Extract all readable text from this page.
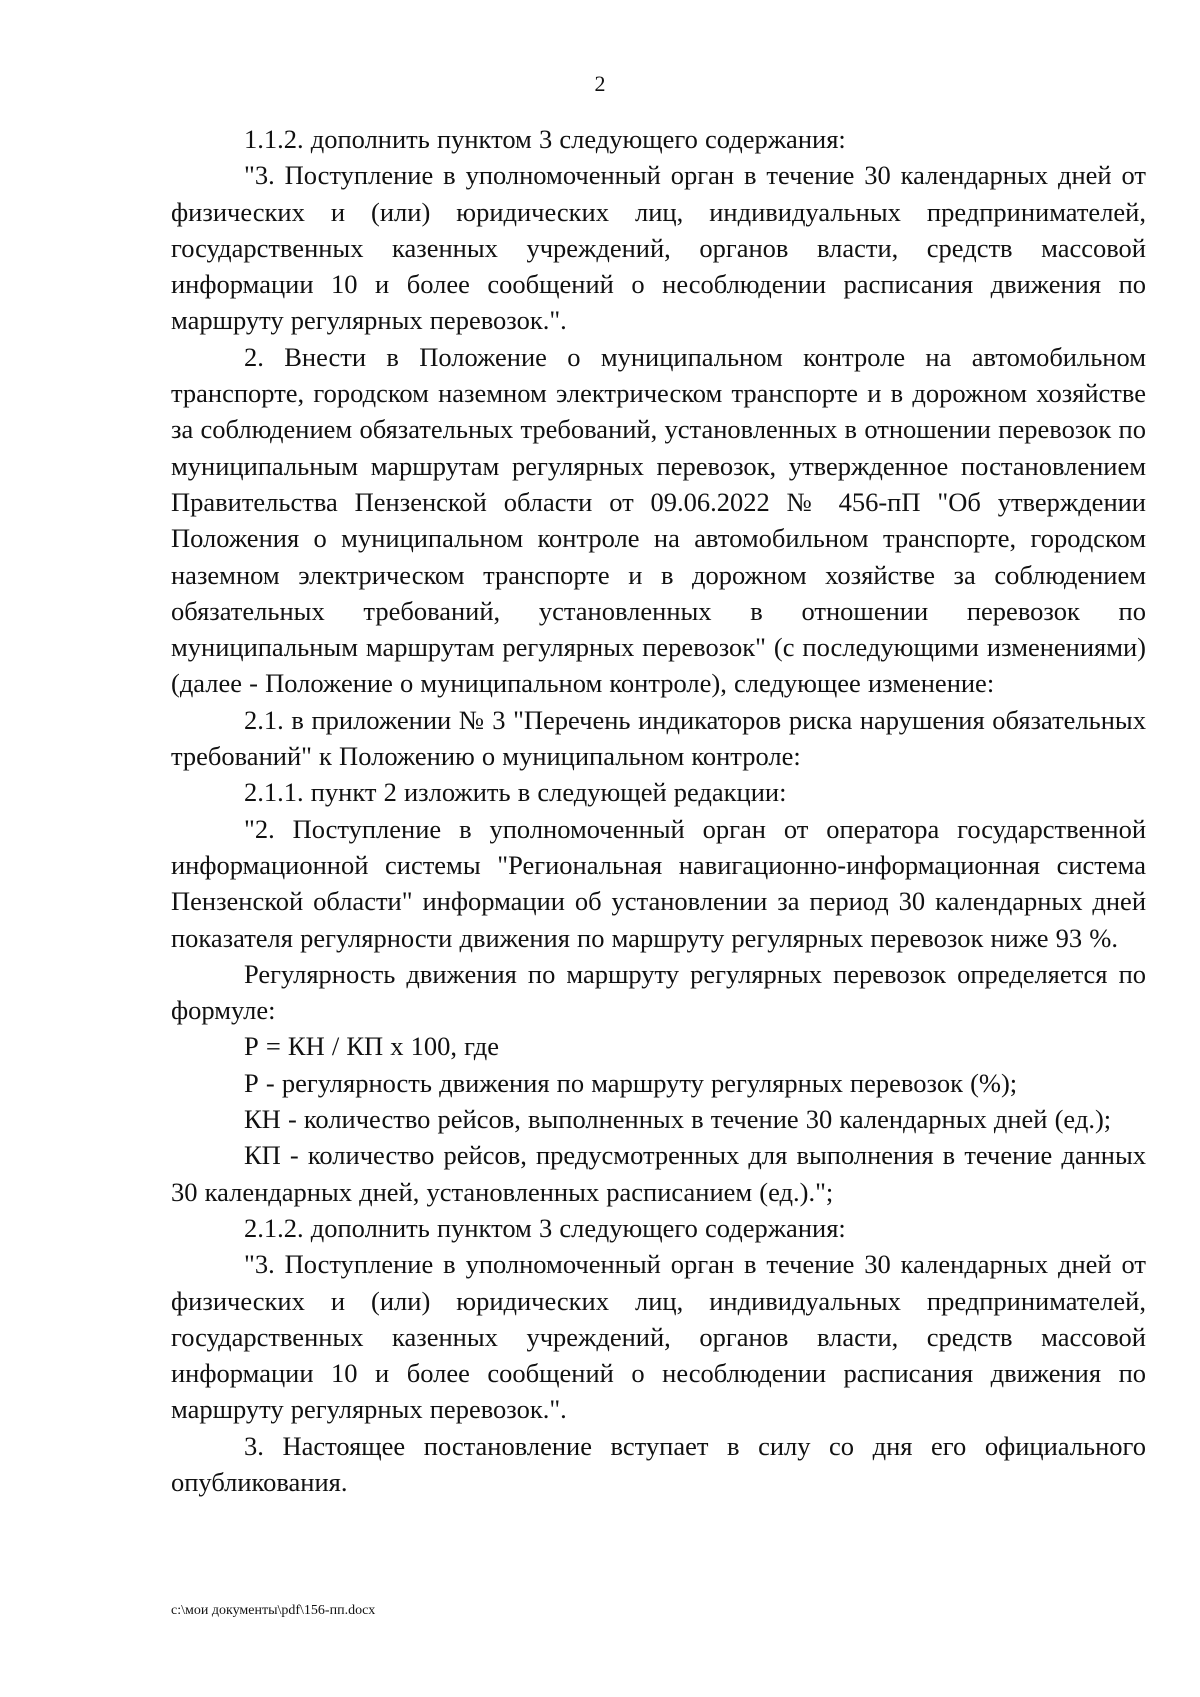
2

1.1.2. дополнить пунктом 3 следующего содержания:

"3. Поступление в уполномоченный орган в течение 30 календарных дней от физических и (или) юридических лиц, индивидуальных предпринимателей, государственных казенных учреждений, органов власти, средств массовой информации 10 и более сообщений о несоблюдении расписания движения по маршруту регулярных перевозок.".

2. Внести в Положение о муниципальном контроле на автомобильном транспорте, городском наземном электрическом транспорте и в дорожном хозяйстве за соблюдением обязательных требований, установленных в отношении перевозок по муниципальным маршрутам регулярных перевозок, утвержденное постановлением Правительства Пензенской области от 09.06.2022 № 456-пП "Об утверждении Положения о муниципальном контроле на автомобильном транспорте, городском наземном электрическом транспорте и в дорожном хозяйстве за соблюдением обязательных требований, установленных в отношении перевозок по муниципальным маршрутам регулярных перевозок" (с последующими изменениями) (далее - Положение о муниципальном контроле), следующее изменение:

2.1. в приложении № 3 "Перечень индикаторов риска нарушения обязательных требований" к Положению о муниципальном контроле:

2.1.1. пункт 2 изложить в следующей редакции:

"2. Поступление в уполномоченный орган от оператора государственной информационной системы "Региональная навигационно-информационная система Пензенской области" информации об установлении за период 30 календарных дней показателя регулярности движения по маршруту регулярных перевозок ниже 93 %.

Регулярность движения по маршруту регулярных перевозок определяется по формуле:

Р = КН / КП х 100, где

Р - регулярность движения по маршруту регулярных перевозок (%);

КН - количество рейсов, выполненных в течение 30 календарных дней (ед.);

КП - количество рейсов, предусмотренных для выполнения в течение данных 30 календарных дней, установленных расписанием (ед.).";

2.1.2. дополнить пунктом 3 следующего содержания:

"3. Поступление в уполномоченный орган в течение 30 календарных дней от физических и (или) юридических лиц, индивидуальных предпринимателей, государственных казенных учреждений, органов власти, средств массовой информации 10 и более сообщений о несоблюдении расписания движения по маршруту регулярных перевозок.".

3. Настоящее постановление вступает в силу со дня его официального опубликования.

c:\мои документы\pdf\156-пп.docx
